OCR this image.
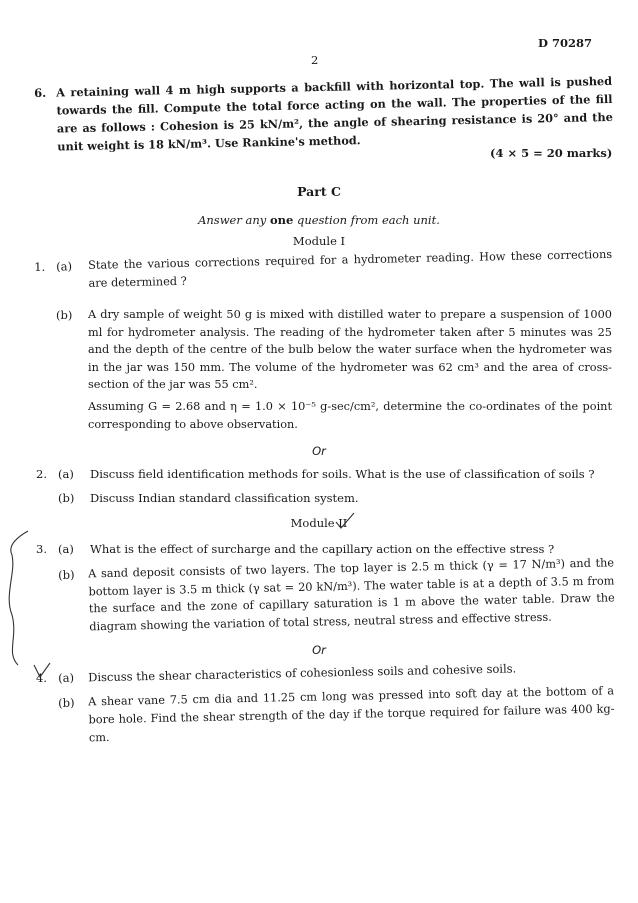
D 70287
2
6. A retaining wall 4 m high supports a backfill with horizontal top. The wall is pushed towards the fill. Compute the total force acting on the wall. The properties of the fill are as follows : Cohesion is 25 kN/m², the angle of shearing resistance is 20° and the unit weight is 18 kN/m³. Use Rankine's method.	(4 × 5 = 20 marks)
Part C
Answer any one question from each unit.
Module I
1. (a) State the various corrections required for a hydrometer reading. How these corrections are determined ?
(b) A dry sample of weight 50 g is mixed with distilled water to prepare a suspension of 1000 ml for hydrometer analysis. The reading of the hydrometer taken after 5 minutes was 25 and the depth of the centre of the bulb below the water surface when the hydrometer was in the jar was 150 mm. The volume of the hydrometer was 62 cm³ and the area of cross-section of the jar was 55 cm².
Assuming G = 2.68 and η = 1.0 × 10⁻⁵ g-sec/cm², determine the co-ordinates of the point corresponding to above observation.
Or
2. (a) Discuss field identification methods for soils. What is the use of classification of soils ?
(b) Discuss Indian standard classification system.
Module II
3. (a) What is the effect of surcharge and the capillary action on the effective stress ?
(b) A sand deposit consists of two layers. The top layer is 2.5 m thick (γ = 17 N/m³) and the bottom layer is 3.5 m thick (γ sat = 20 kN/m³). The water table is at a depth of 3.5 m from the surface and the zone of capillary saturation is 1 m above the water table. Draw the diagram showing the variation of total stress, neutral stress and effective stress.
Or
4. (a) Discuss the shear characteristics of cohesionless soils and cohesive soils.
(b) A shear vane 7.5 cm dia and 11.25 cm long was pressed into soft day at the bottom of a bore hole. Find the shear strength of the day if the torque required for failure was 400 kg-cm.
